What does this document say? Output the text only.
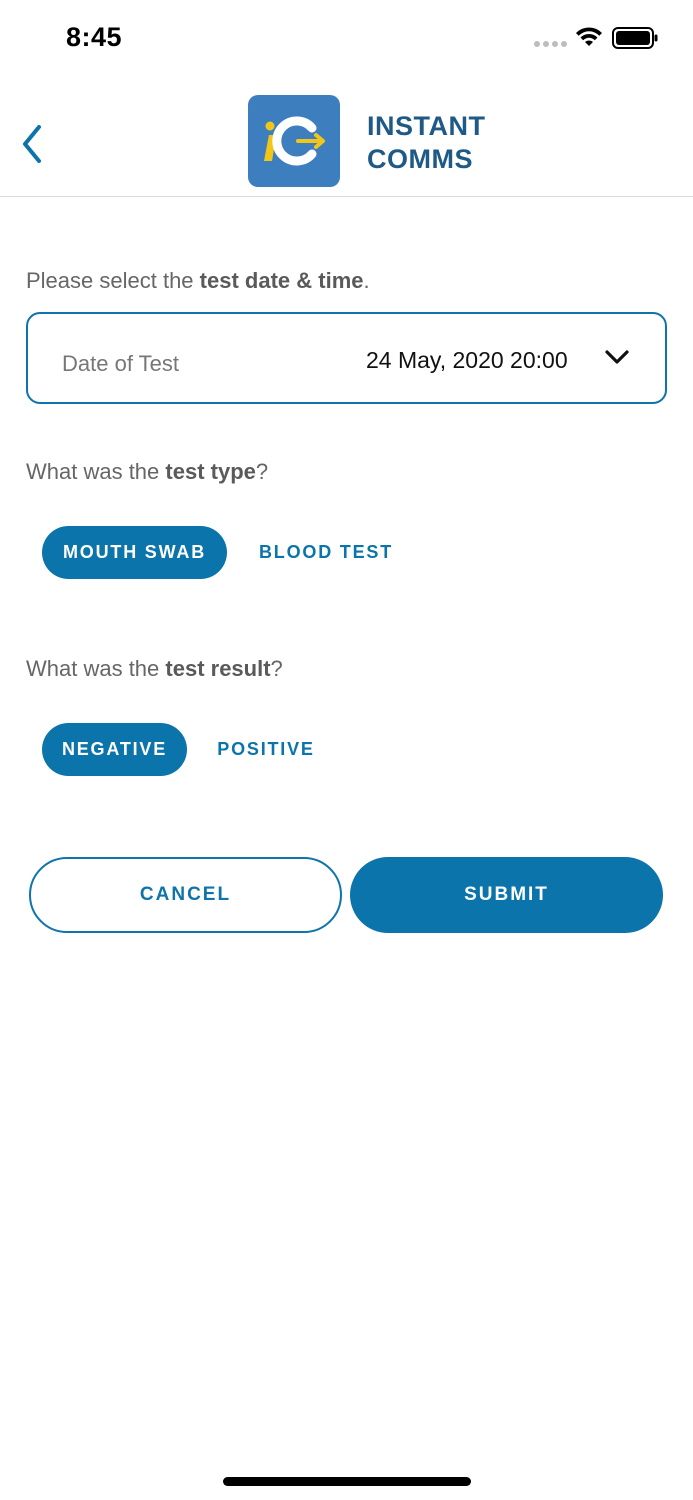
8:45
INSTANT
COMMS
Please select the test date & time.
Date of Test	24 May, 2020 20:00
What was the test type?
MOUTH SWAB	BLOOD TEST
What was the test result?
NEGATIVE	POSITIVE
CANCEL	SUBMIT
